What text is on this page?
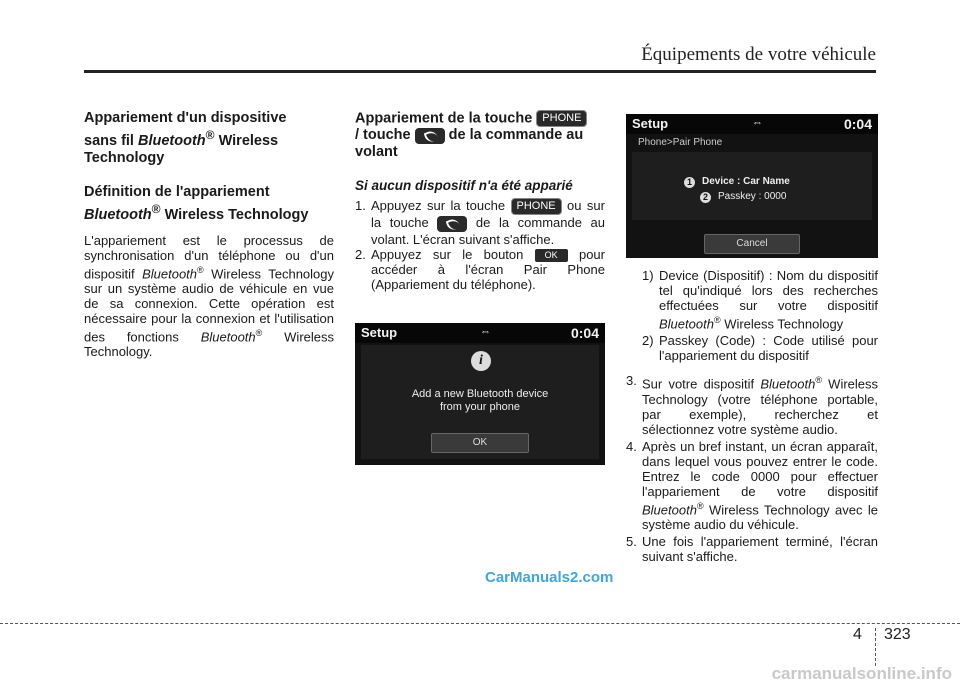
Équipements de votre véhicule
Appariement d'un dispositive
sans fil Bluetooth® Wireless
Technology
Définition de l'appariement
Bluetooth® Wireless Technology

L'appariement est le processus de synchronisation d'un téléphone ou d'un dispositif Bluetooth® Wireless Technology sur un système audio de véhicule en vue de sa connexion. Cette opération est nécessaire pour la connexion et l'utilisation des fonctions Bluetooth® Wireless Technology.

Appariement de la touche PHONE
/ touche  de la commande au
volant
Si aucun dispositif n'a été apparié
1. Appuyez sur la touche PHONE ou sur la touche  de la commande au volant. L'écran suivant s'affiche.
2. Appuyez sur le bouton OK pour accéder à l'écran Pair Phone (Appariement du téléphone).
Setup	⇔	0:04
i
Add a new Bluetooth device
from your phone
OK
Setup	⇔	0:04
Phone>Pair Phone
1	Device : Car Name
2	Passkey : 0000
Cancel
1) Device (Dispositif) : Nom du dispositif tel qu'indiqué lors des recherches effectuées sur votre dispositif Bluetooth® Wireless Technology
2) Passkey (Code) : Code utilisé pour l'appariement du dispositif
3. Sur votre dispositif Bluetooth® Wireless Technology (votre téléphone portable, par exemple), recherchez et sélectionnez votre système audio.
4. Après un bref instant, un écran apparaît, dans lequel vous pouvez entrer le code. Entrez le code 0000 pour effectuer l'appariement de votre dispositif Bluetooth® Wireless Technology avec le système audio du véhicule.
5. Une fois l'appariement terminé, l'écran suivant s'affiche.
CarManuals2.com
4 323
carmanualsonline.info
